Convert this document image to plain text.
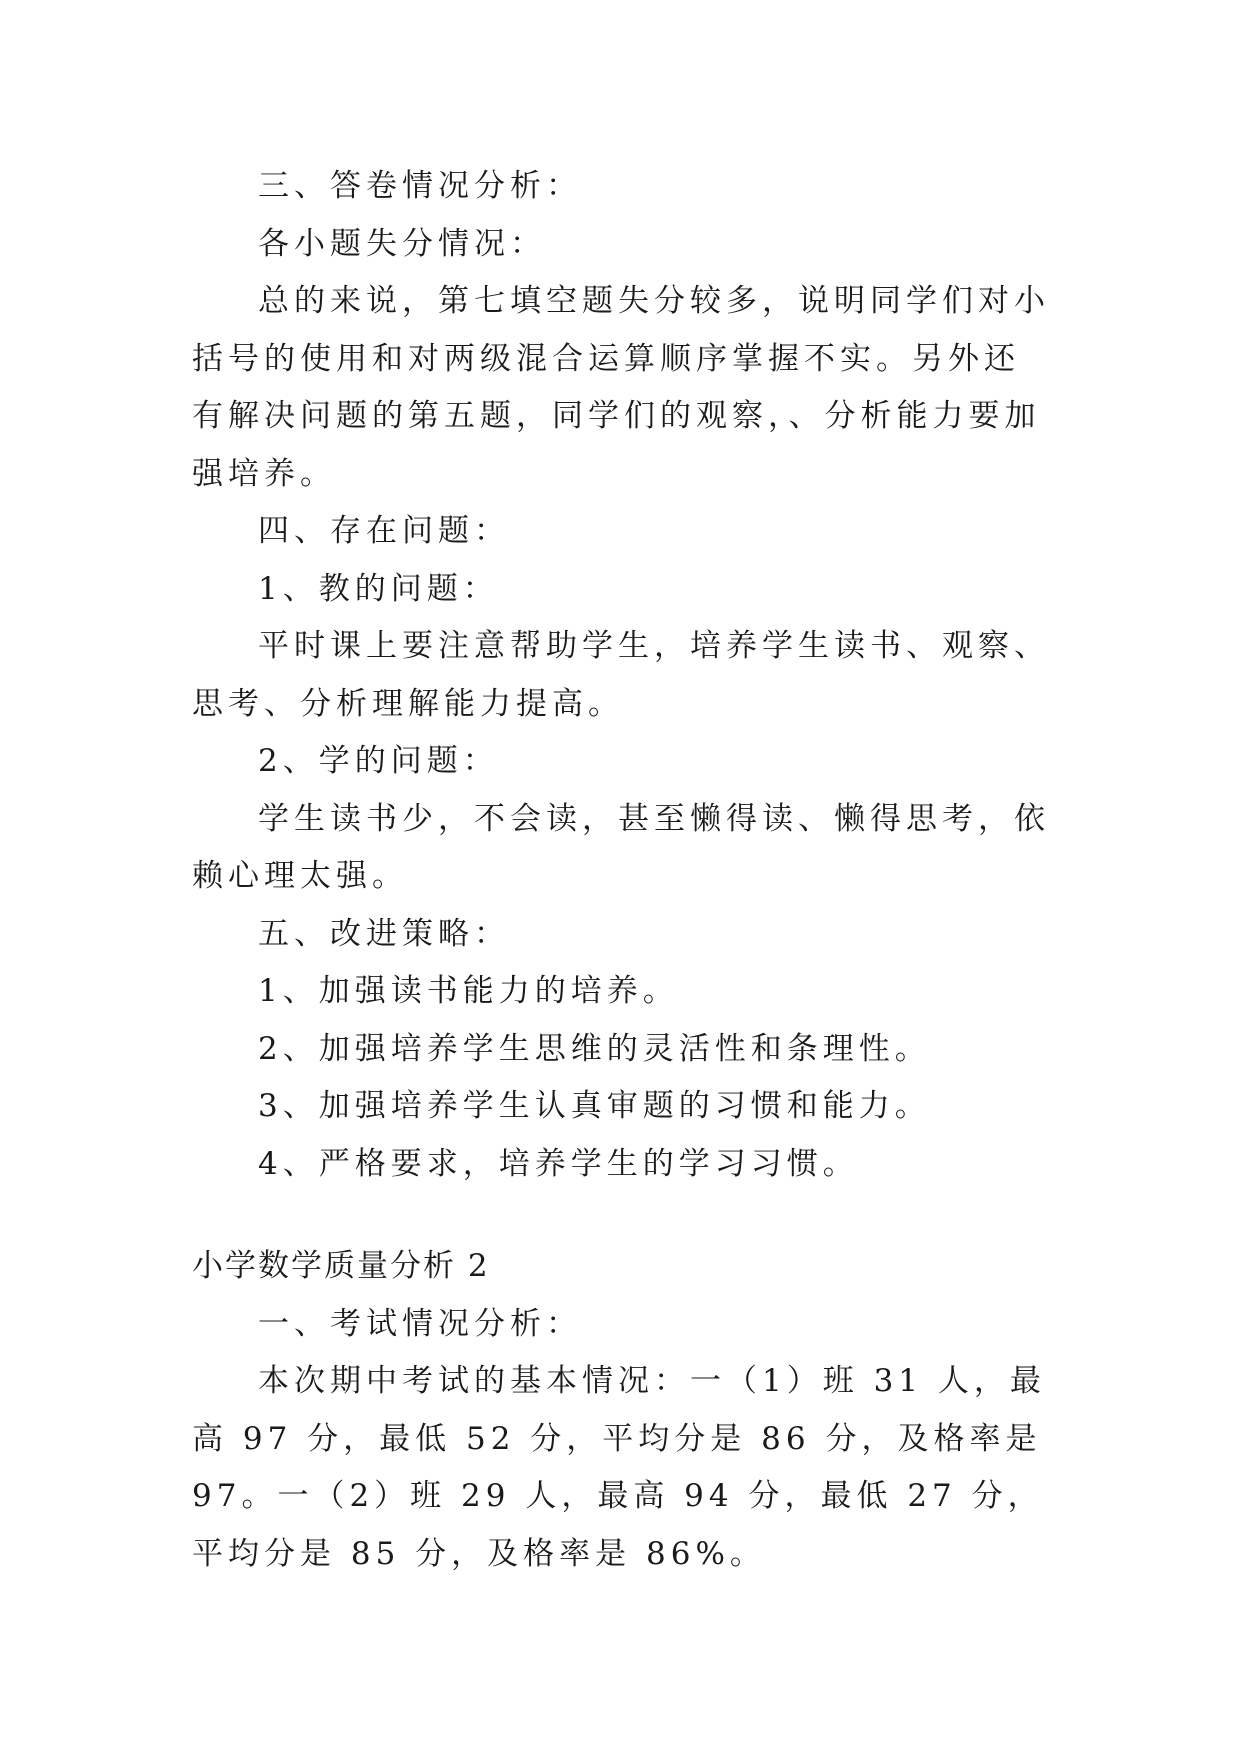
三、答卷情况分析：

各小题失分情况：

总的来说，第七填空题失分较多，说明同学们对小括号的使用和对两级混合运算顺序掌握不实。另外还有解决问题的第五题，同学们的观察，、分析能力要加强培养。

四、存在问题：

1、教的问题：

平时课上要注意帮助学生，培养学生读书、观察、思考、分析理解能力提高。

2、学的问题：

学生读书少，不会读，甚至懒得读、懒得思考，依赖心理太强。

五、改进策略：

1、加强读书能力的培养。

2、加强培养学生思维的灵活性和条理性。

3、加强培养学生认真审题的习惯和能力。

4、严格要求，培养学生的学习习惯。

小学数学质量分析 2

一、考试情况分析：

本次期中考试的基本情况：一（1）班 31 人，最高 97 分，最低 52 分，平均分是 86 分，及格率是 97。一（2）班 29 人，最高 94 分，最低 27 分，平均分是 85 分，及格率是 86%。
